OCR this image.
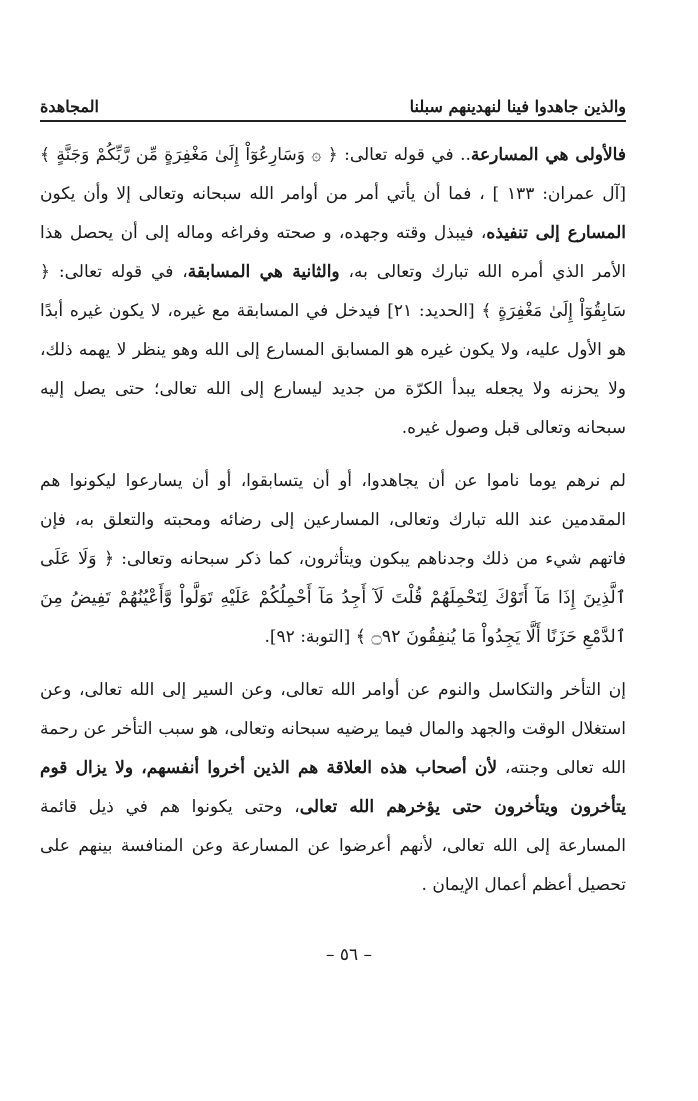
والذين جاهدوا فينا لنهدينهم سبلنا
المجاهدة

فالأولى هي المسارعة.. في قوله تعالى: ﴿ ۞ وَسَارِعُوٓاْ إِلَىٰ مَغْفِرَةٍ مِّن رَّبِّكُمْ وَجَنَّةٍ ﴾ [آل عمران: ١٣٣ ] ، فما أن يأتي أمر من أوامر الله سبحانه وتعالى إلا وأن يكون المسارع إلى تنفيذه، فيبذل وقته وجهده، و صحته وفراغه وماله إلى أن يحصل هذا الأمر الذي أمره الله تبارك وتعالى به، والثانية هي المسابقة، في قوله تعالى: ﴿ سَابِقُوٓاْ إِلَىٰ مَغْفِرَةٍ ﴾ [الحديد: ٢١] فيدخل في المسابقة مع غيره، لا يكون غيره أبدًا هو الأول عليه، ولا يكون غيره هو المسابق المسارع إلى الله وهو ينظر لا يهمه ذلك، ولا يحزنه ولا يجعله يبدأ الكرّة من جديد ليسارع إلى الله تعالى؛ حتى يصل إليه سبحانه وتعالى قبل وصول غيره.

لم نرهم يوما ناموا عن أن يجاهدوا، أو أن يتسابقوا، أو أن يسارعوا ليكونوا هم المقدمين عند الله تبارك وتعالى، المسارعين إلى رضائه ومحبته والتعلق به، فإن فاتهم شيء من ذلك وجدناهم يبكون ويتأثرون، كما ذكر سبحانه وتعالى: ﴿ وَلَا عَلَى ٱلَّذِينَ إِذَا مَآ أَتَوْكَ لِتَحْمِلَهُمْ قُلْتَ لَآ أَجِدُ مَآ أَحْمِلُكُمْ عَلَيْهِ تَوَلَّواْ وَّأَعْيُنُهُمْ تَفِيضُ مِنَ ٱلدَّمْعِ حَزَنًا أَلَّا يَجِدُواْ مَا يُنفِقُونَ ۝٩٢ ﴾ [التوبة: ٩٢].

إن التأخر والتكاسل والنوم عن أوامر الله تعالى، وعن السير إلى الله تعالى، وعن استغلال الوقت والجهد والمال فيما يرضيه سبحانه وتعالى، هو سبب التأخر عن رحمة الله تعالى وجنته، لأن أصحاب هذه العلاقة هم الذين أخروا أنفسهم، ولا يزال قوم يتأخرون ويتأخرون حتى يؤخرهم الله تعالى، وحتى يكونوا هم في ذيل قائمة المسارعة إلى الله تعالى، لأنهم أعرضوا عن المسارعة وعن المنافسة بينهم على تحصيل أعظم أعمال الإيمان .

– ٥٦ –
